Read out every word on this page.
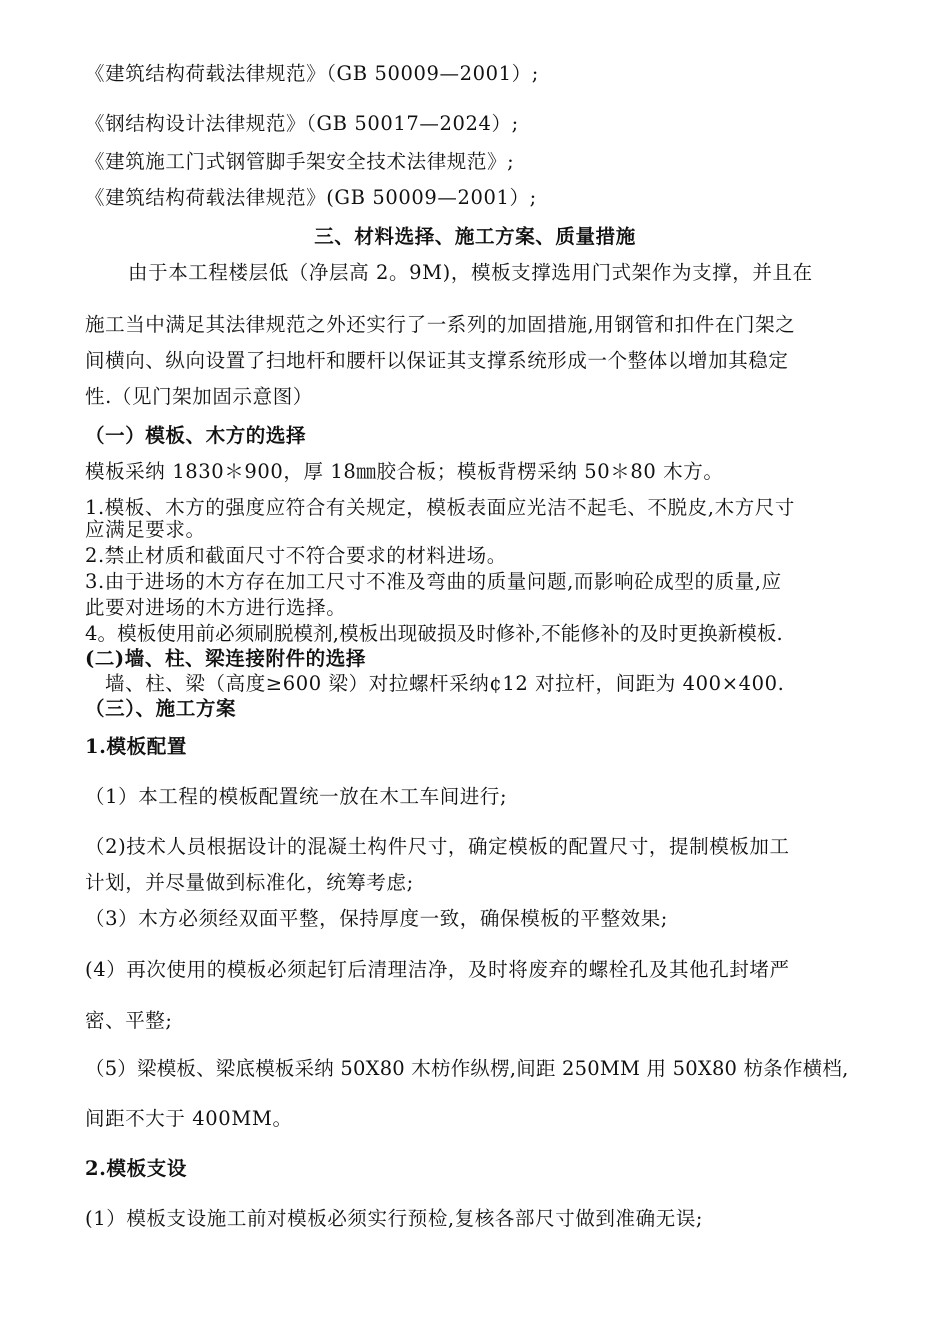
《建筑结构荷载法律规范》（GB 50009—2001）;
《钢结构设计法律规范》（GB 50017—2024）;
《建筑施工门式钢管脚手架安全技术法律规范》;
《建筑结构荷载法律规范》(GB 50009—2001）;
三、材料选择、施工方案、质量措施
由于本工程楼层低（净层高 2。9M)，模板支撑选用门式架作为支撑，并且在
施工当中满足其法律规范之外还实行了一系列的加固措施,用钢管和扣件在门架之
间横向、纵向设置了扫地杆和腰杆以保证其支撑系统形成一个整体以增加其稳定
性.（见门架加固示意图）
（一）模板、木方的选择
模板采纳 1830＊900，厚 18㎜胶合板；模板背楞采纳 50＊80 木方。
1.模板、木方的强度应符合有关规定，模板表面应光洁不起毛、不脱皮,木方尺寸
应满足要求。
2.禁止材质和截面尺寸不符合要求的材料进场。
3.由于进场的木方存在加工尺寸不准及弯曲的质量问题,而影响砼成型的质量,应
此要对进场的木方进行选择。
4。模板使用前必须刷脱模剂,模板出现破损及时修补,不能修补的及时更换新模板.
(二)墙、柱、梁连接附件的选择
墙、柱、梁（高度≥600 梁）对拉螺杆采纳¢12 对拉杆，间距为 400×400.
（三）、施工方案
1.模板配置
（1）本工程的模板配置统一放在木工车间进行;
（2)技术人员根据设计的混凝土构件尺寸，确定模板的配置尺寸，提制模板加工
计划，并尽量做到标准化，统筹考虑;
（3）木方必须经双面平整，保持厚度一致，确保模板的平整效果;
(4）再次使用的模板必须起钉后清理洁净，及时将废弃的螺栓孔及其他孔封堵严
密、平整;
（5）梁模板、梁底模板采纳 50X80 木枋作纵楞,间距 250MM 用 50X80 枋条作横档,
间距不大于 400MM。
2.模板支设
(1）模板支设施工前对模板必须实行预检,复核各部尺寸做到准确无误;
